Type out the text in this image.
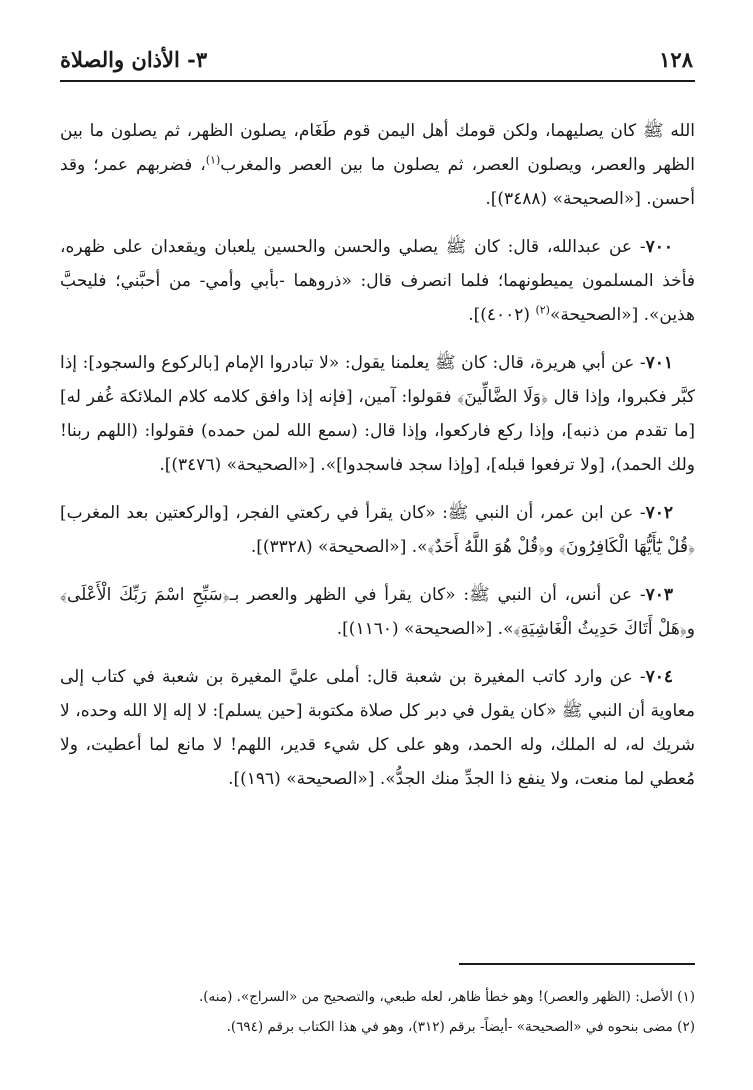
١٢٨
٣- الأذان والصلاة

الله ﷺ كان يصليهما، ولكن قومك أهل اليمن قوم طَغَام، يصلون الظهر، ثم يصلون ما بين الظهر والعصر، ويصلون العصر، ثم يصلون ما بين العصر والمغرب$^{(١)}$، فضربهم عمر؛ وقد أحسن. [«الصحيحة» (٣٤٨٨)].

٧٠٠- عن عبدالله، قال: كان ﷺ يصلي والحسن والحسين يلعبان ويقعدان على ظهره، فأخذ المسلمون يميطونهما؛ فلما انصرف قال: «ذروهما -بأبي وأمي- من أحبَّني؛ فليحبَّ هذين». [«الصحيحة»$^{(٢)}$ (٤٠٠٢)].

٧٠١- عن أبي هريرة، قال: كان ﷺ يعلمنا يقول: «لا تبادروا الإمام [بالركوع والسجود]: إذا كبَّر فكبروا، وإذا قال ﴿وَلَا الضَّالِّينَ﴾ فقولوا: آمين، [فإنه إذا وافق كلامه كلام الملائكة غُفر له] [ما تقدم من ذنبه]، وإذا ركع فاركعوا، وإذا قال: (سمع الله لمن حمده) فقولوا: (اللهم ربنا! ولك الحمد)، [ولا ترفعوا قبله]، [وإذا سجد فاسجدوا]». [«الصحيحة» (٣٤٧٦)].

٧٠٢- عن ابن عمر، أن النبي ﷺ: «كان يقرأ في ركعتي الفجر، [والركعتين بعد المغرب] ﴿قُلْ يَٰٓأَيُّهَا الْكَافِرُونَ﴾ و﴿قُلْ هُوَ اللَّهُ أَحَدٌ﴾». [«الصحيحة» (٣٣٢٨)].

٧٠٣- عن أنس، أن النبي ﷺ: «كان يقرأ في الظهر والعصر بـ﴿سَبِّحِ اسْمَ رَبِّكَ الْأَعْلَى﴾ و﴿هَلْ أَتَاكَ حَدِيثُ الْغَاشِيَةِ﴾». [«الصحيحة» (١١٦٠)].

٧٠٤- عن وارد كاتب المغيرة بن شعبة قال: أملى عليَّ المغيرة بن شعبة في كتاب إلى معاوية أن النبي ﷺ «كان يقول في دبر كل صلاة مكتوبة [حين يسلم]: لا إله إلا الله وحده، لا شريك له، له الملك، وله الحمد، وهو على كل شيء قدير، اللهم! لا مانع لما أعطيت، ولا مُعطي لما منعت، ولا ينفع ذا الجدِّ منك الجدُّ». [«الصحيحة» (١٩٦)].

(١) الأصل: (الظهر والعصر)! وهو خطأ ظاهر، لعله طبعي، والتصحيح من «السراج». (منه).
(٢) مضى بنحوه في «الصحيحة» -أيضاً- برقم (٣١٢)، وهو في هذا الكتاب برقم (٦٩٤).
